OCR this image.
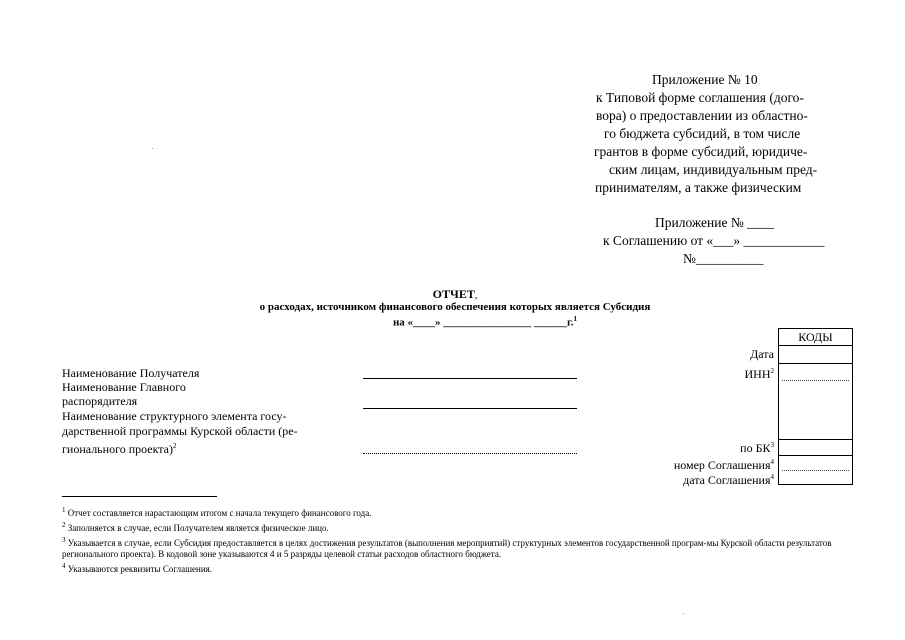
Приложение № 10
к Типовой форме соглашения (дого-
вора) о предоставлении из областно-
го бюджета субсидий, в том числе
грантов в форме субсидий, юридиче-
ским лицам, индивидуальным пред-
принимателям, а также физическим
Приложение № ____
к Соглашению от «___» ____________
№__________
ОТЧЕТ,
о расходах, источником финансового обеспечения которых является Субсидия
на «____» ________________ ______г.$^1$
Наименование Получателя
Наименование Главного
распорядителя
Наименование структурного элемента госу-
дарственной программы Курской области (ре-
гионального проекта)$^2$
Дата
ИНН$^2$
по $БК^3$
номер Соглашения$^4$
дата Соглашения$^4$
КОДЫ
$^1$ Отчет составляется нарастающим итогом с начала текущего финансового года.
$^2$ Заполняется в случае, если Получателем является физическое лицо.
$^3$ Указывается в случае, если Субсидия предоставляется в целях достижения результатов (выполнения мероприятий) структурных элементов государственной програм-мы Курской области результатов регионального проекта). В кодовой зоне указываются 4 и 5 разряды целевой статьи расходов областного бюджета.
$^4$ Указываются реквизиты Соглашения.
